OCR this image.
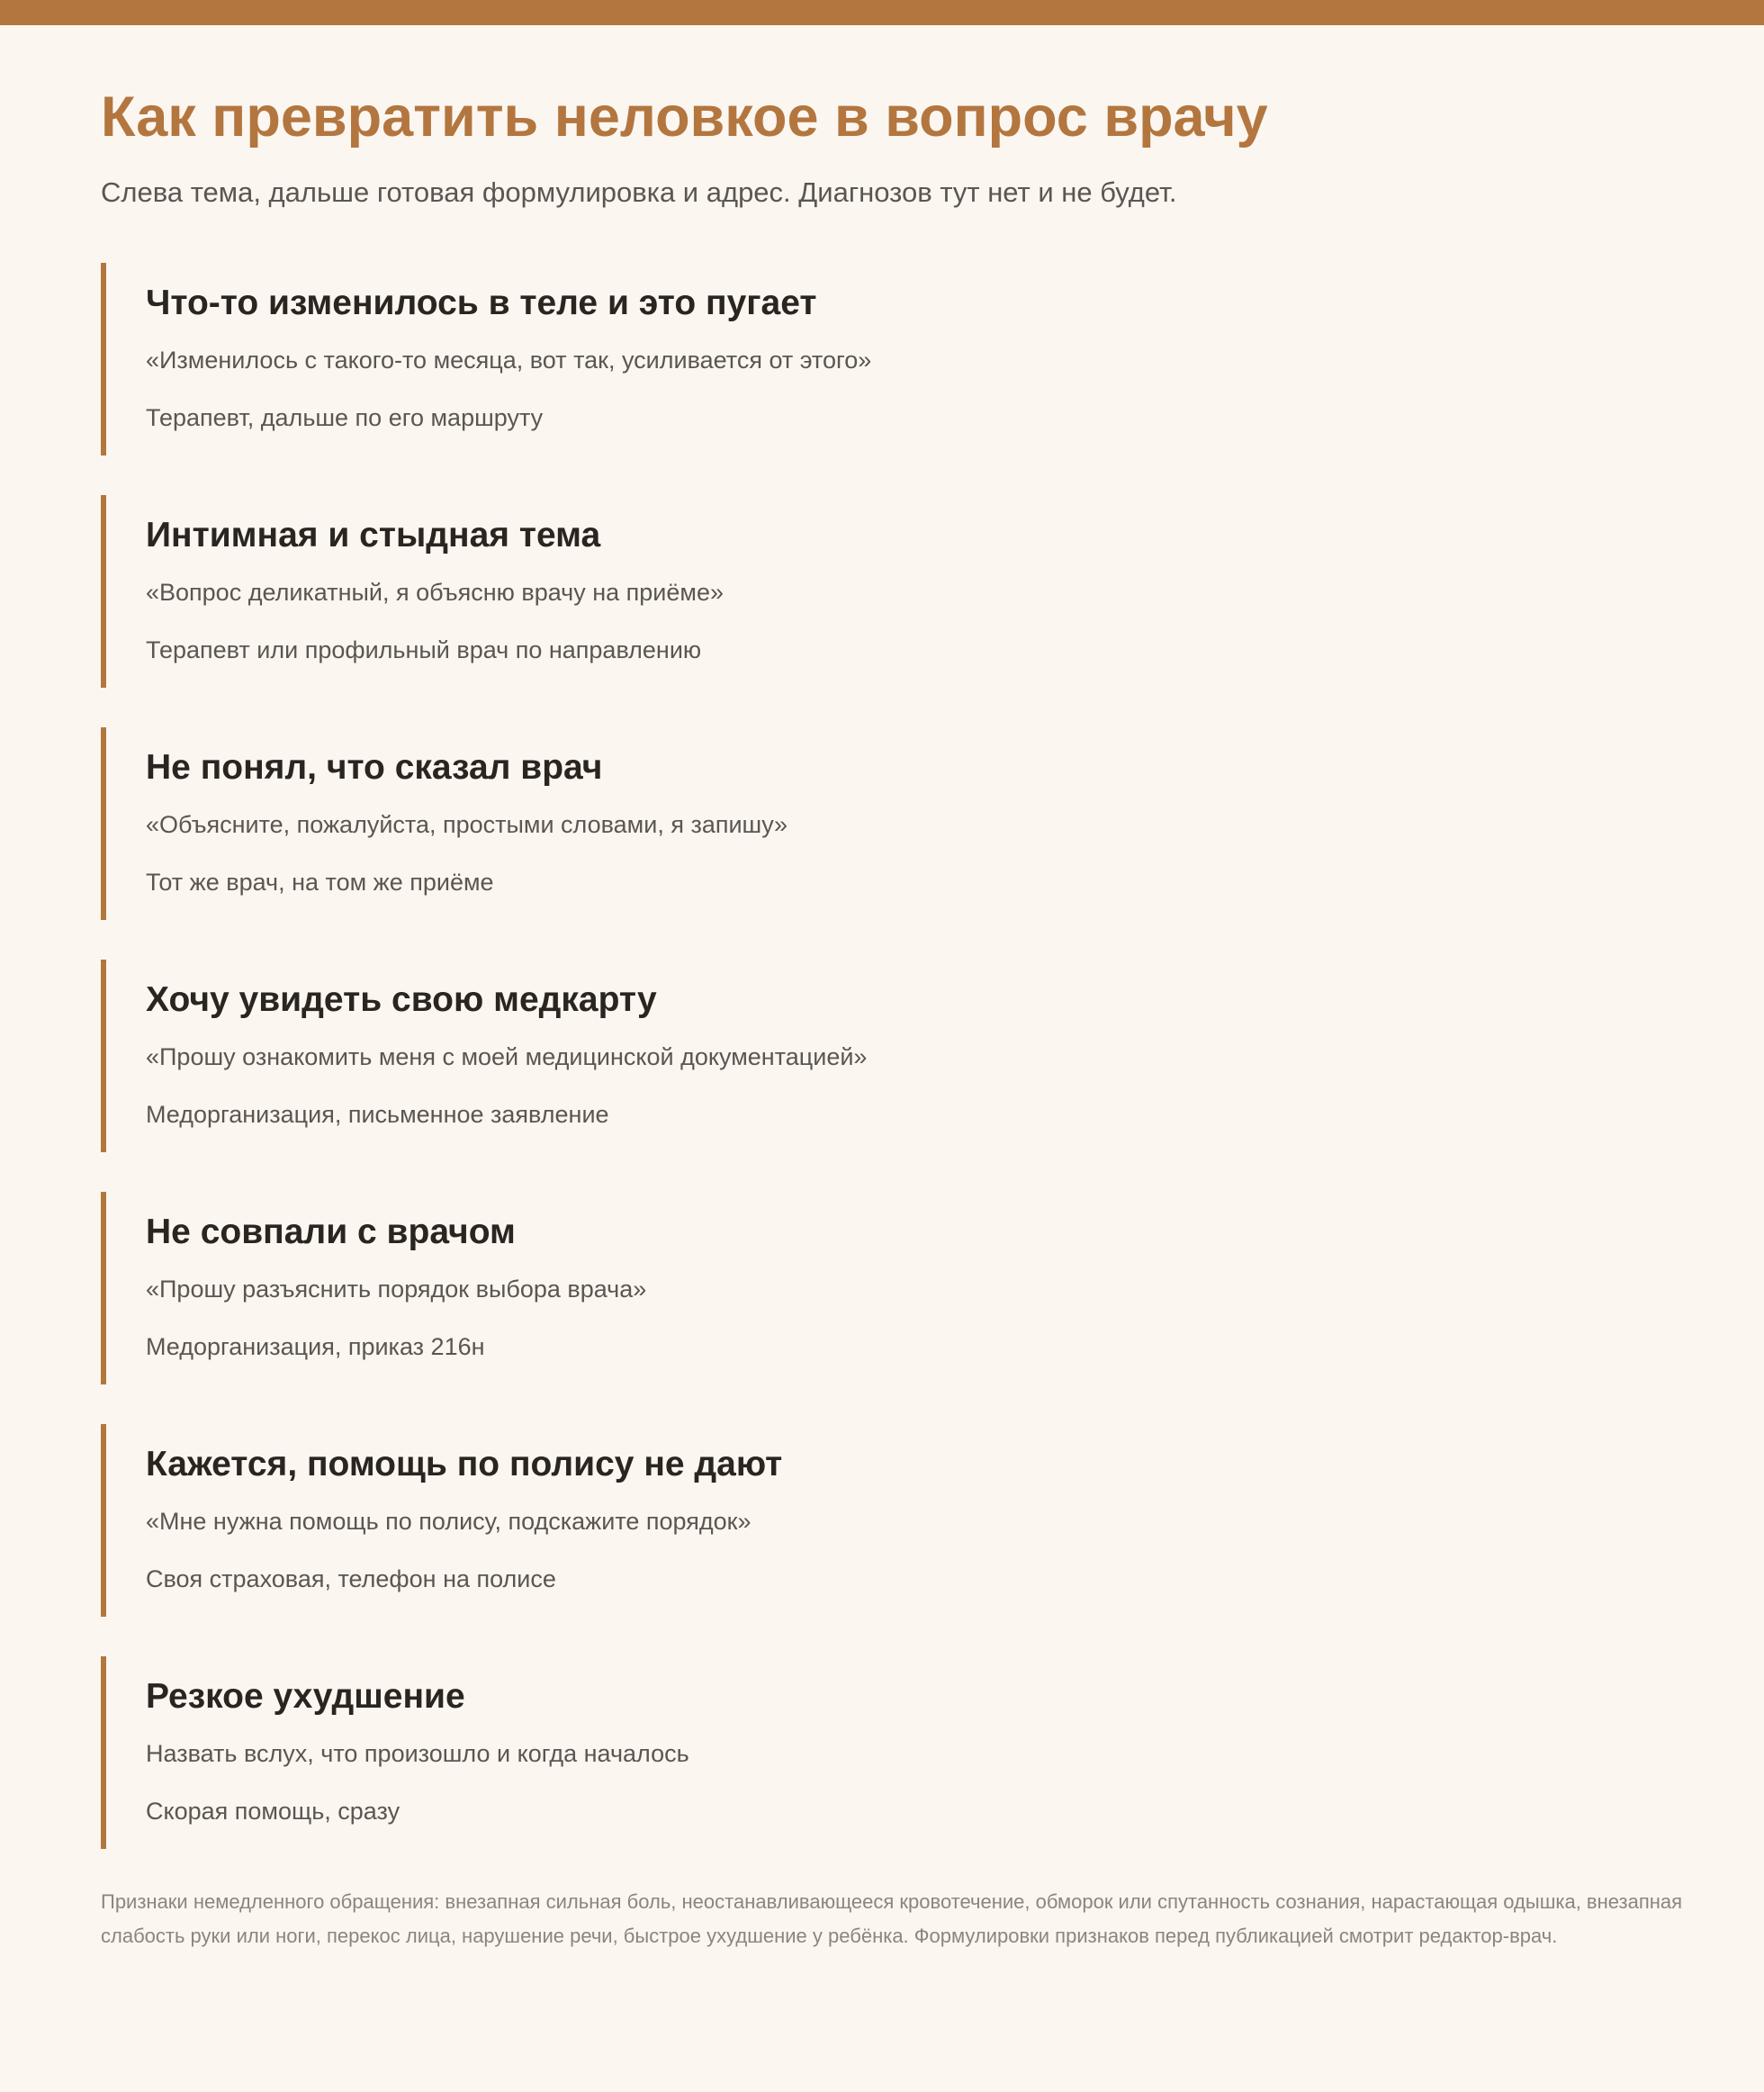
Как превратить неловкое в вопрос врачу

Слева тема, дальше готовая формулировка и адрес. Диагнозов тут нет и не будет.

Что-то изменилось в теле и это пугает
«Изменилось с такого-то месяца, вот так, усиливается от этого»
Терапевт, дальше по его маршруту
Интимная и стыдная тема
«Вопрос деликатный, я объясню врачу на приёме»
Терапевт или профильный врач по направлению
Не понял, что сказал врач
«Объясните, пожалуйста, простыми словами, я запишу»
Тот же врач, на том же приёме
Хочу увидеть свою медкарту
«Прошу ознакомить меня с моей медицинской документацией»
Медорганизация, письменное заявление
Не совпали с врачом
«Прошу разъяснить порядок выбора врача»
Медорганизация, приказ 216н
Кажется, помощь по полису не дают
«Мне нужна помощь по полису, подскажите порядок»
Своя страховая, телефон на полисе
Резкое ухудшение
Назвать вслух, что произошло и когда началось
Скорая помощь, сразу

Признаки немедленного обращения: внезапная сильная боль, неостанавливающееся кровотечение, обморок или спутанность сознания, нарастающая одышка, внезапная слабость руки или ноги, перекос лица, нарушение речи, быстрое ухудшение у ребёнка. Формулировки признаков перед публикацией смотрит редактор-врач.
